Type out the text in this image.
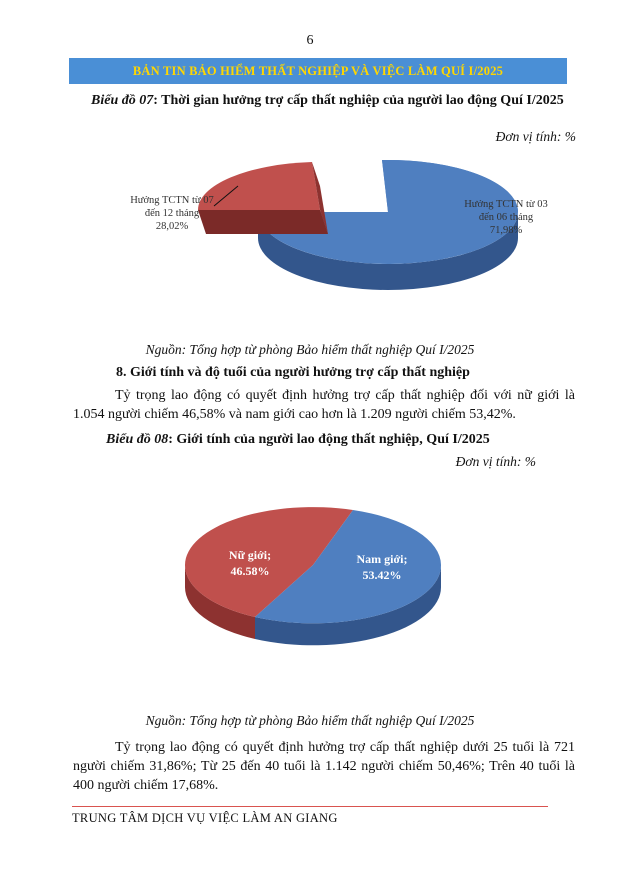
6
BẢN TIN BẢO HIỂM THẤT NGHIỆP VÀ VIỆC LÀM QUÍ I/2025
Biểu đồ 07: Thời gian hưởng trợ cấp thất nghiệp của người lao động Quí I/2025
Đơn vị tính: %
Hưởng TCTN từ 07
đến 12 tháng
28,02%
Hưởng TCTN từ 03
đến 06 tháng
71,98%
Nguồn: Tổng hợp từ phòng Bảo hiểm thất nghiệp Quí I/2025
8. Giới tính và độ tuổi của người hưởng trợ cấp thất nghiệp
Tỷ trọng lao động có quyết định hưởng trợ cấp thất nghiệp đối với nữ giới là 1.054 người chiếm 46,58% và nam giới cao hơn là 1.209 người chiếm 53,42%.
Biểu đồ 08: Giới tính của người lao động thất nghiệp, Quí I/2025
Đơn vị tính: %
Nữ giới;
46.58%
Nam giới;
53.42%
Nguồn: Tổng hợp từ phòng Bảo hiểm thất nghiệp Quí I/2025
Tỷ trọng lao động có quyết định hưởng trợ cấp thất nghiệp dưới 25 tuổi là 721 người chiếm 31,86%; Từ 25 đến 40 tuổi là 1.142 người chiếm 50,46%; Trên 40 tuổi là 400 người chiếm 17,68%.
TRUNG TÂM DỊCH VỤ VIỆC LÀM AN GIANG
